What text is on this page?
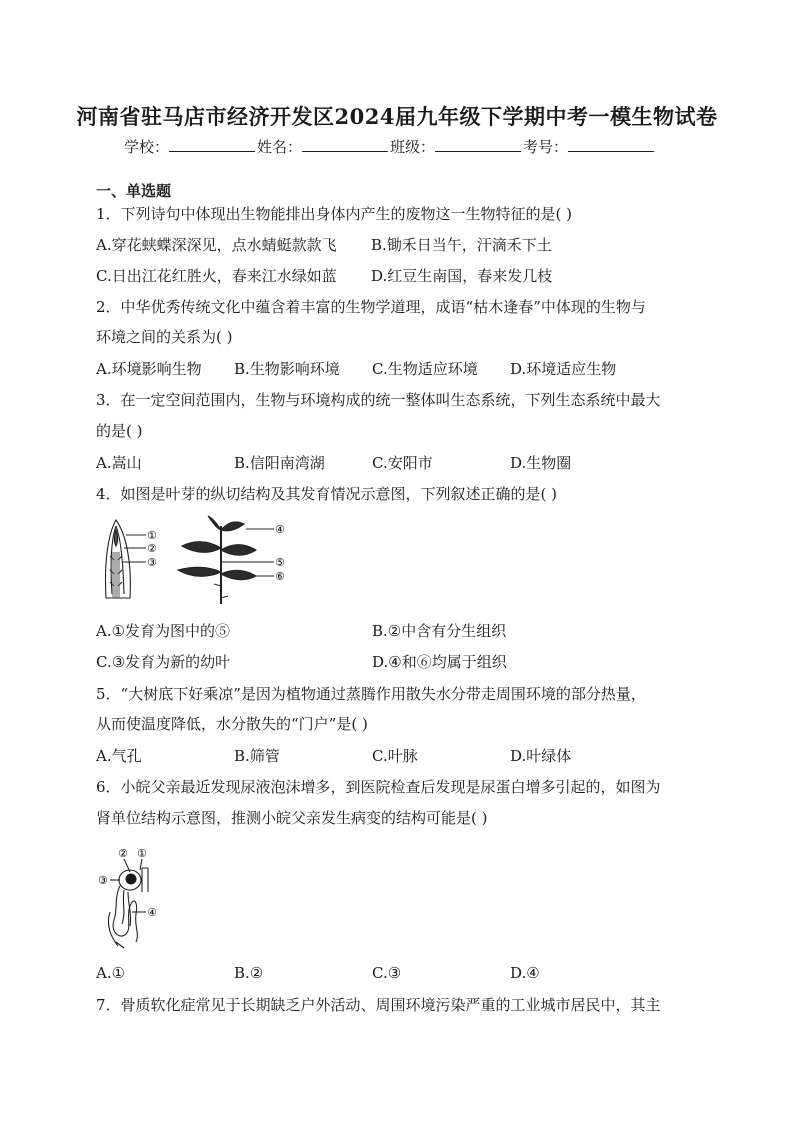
河南省驻马店市经济开发区2024届九年级下学期中考一模生物试卷
学校：	姓名：	班级：	考号：
一、单选题
1．下列诗句中体现出生物能排出身体内产生的废物这一生物特征的是( )
A.穿花蛱蝶深深见，点水蜻蜓款款飞 B.锄禾日当午，汗滴禾下土
C.日出江花红胜火，春来江水绿如蓝 D.红豆生南国，春来发几枝
2．中华优秀传统文化中蕴含着丰富的生物学道理，成语“枯木逢春”中体现的生物与
环境之间的关系为( )
A.环境影响生物 B.生物影响环境 C.生物适应环境 D.环境适应生物
3．在一定空间范围内，生物与环境构成的统一整体叫生态系统，下列生态系统中最大
的是( )
A.嵩山	B.信阳南湾湖	C.安阳市	D.生物圈
4．如图是叶芽的纵切结构及其发育情况示意图，下列叙述正确的是( )
①
②
③
④
⑤
⑥
A.①发育为图中的⑤	B.②中含有分生组织
C.③发育为新的幼叶	D.④和⑥均属于组织
5．“大树底下好乘凉”是因为植物通过蒸腾作用散失水分带走周围环境的部分热量，
从而使温度降低，水分散失的“门户”是( )
A.气孔	B.筛管	C.叶脉	D.叶绿体
6．小皖父亲最近发现尿液泡沫增多，到医院检查后发现是尿蛋白增多引起的，如图为
肾单位结构示意图，推测小皖父亲发生病变的结构可能是( )
② ①
③
④
A.①	B.②	C.③	D.④
7．骨质软化症常见于长期缺乏户外活动、周围环境污染严重的工业城市居民中，其主
